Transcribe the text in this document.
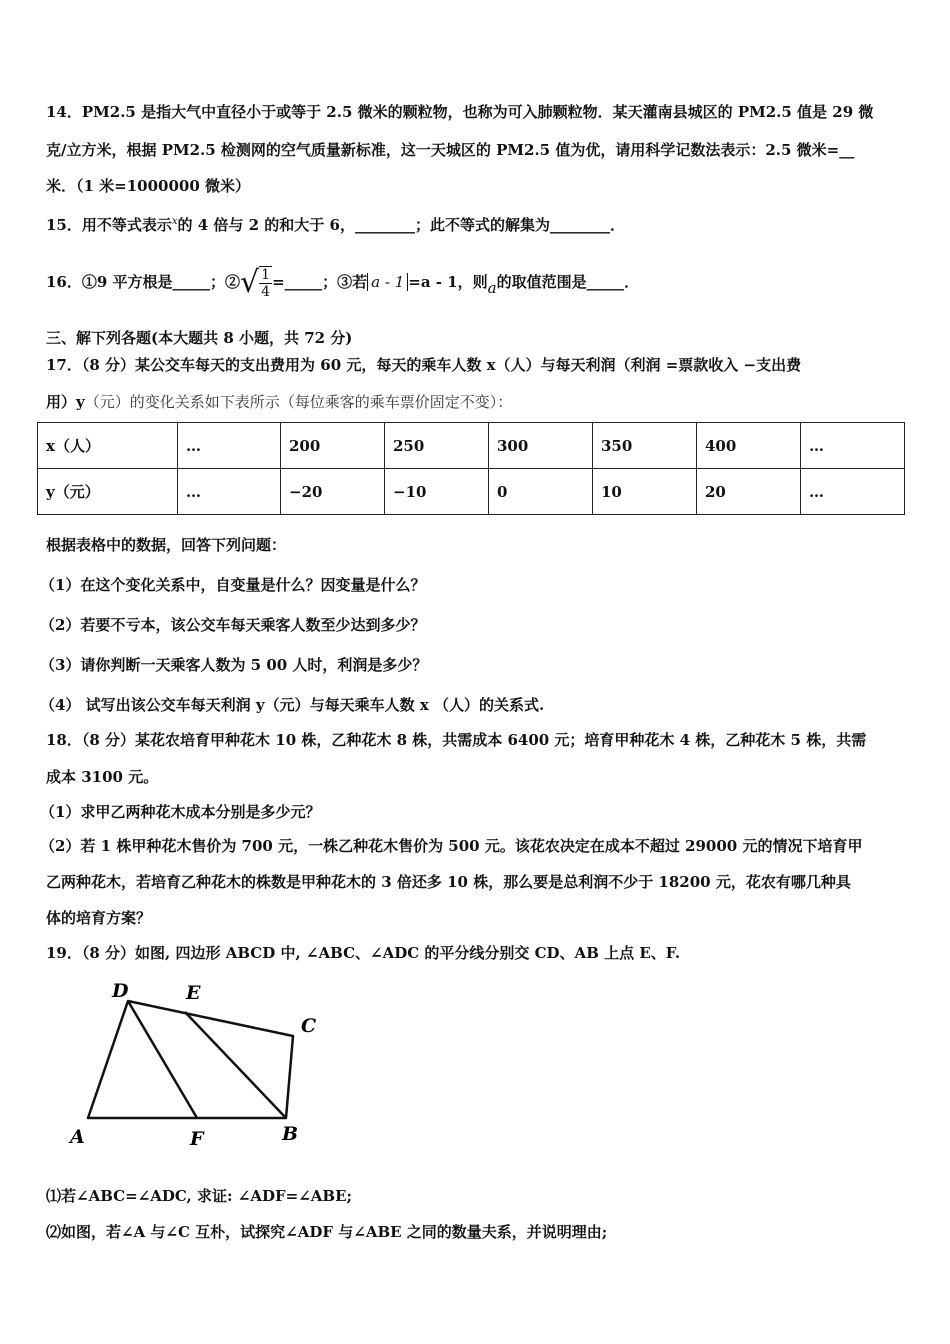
14．PM2.5 是指大气中直径小于或等于 2.5 微米的颗粒物，也称为可入肺颗粒物．某天灌南县城区的 PM2.5 值是 29 微
克/立方米，根据 PM2.5 检测网的空气质量新标准，这一天城区的 PM2.5 值为优，请用科学记数法表示：2.5 微米=__
米．（1 米=1000000 微米）
15．用不等式表示$^x$的 4 倍与 2 的和大于 6，________；此不等式的解集为________．
16．①9 平方根是_____；②√ $\frac{1}{4}$ =_____；③若 a - 1 =a - 1，则a的取值范围是_____．
三、解下列各题(本大题共 8 小题，共 72 分)
17．（8 分）某公交车每天的支出费用为 60 元，每天的乘车人数 x（人）与每天利润（利润 =票款收入 −支出费
用）y（元）的变化关系如下表所示（每位乘客的乘车票价固定不变）：
x（人）	…	200	250	300	350	400	…
y（元）	…	−20	−10	0	10	20	…
根据表格中的数据，回答下列问题：
（1）在这个变化关系中，自变量是什么？因变量是什么？
（2）若要不亏本，该公交车每天乘客人数至少达到多少？
（3）请你判断一天乘客人数为 5 00 人时，利润是多少？
（4） 试写出该公交车每天利润 y（元）与每天乘车人数 x （人）的关系式.
18．（8 分）某花农培育甲种花木 10 株，乙种花木 8 株，共需成本 6400 元；培育甲种花木 4 株，乙种花木 5 株，共需
成本 3100 元。
（1）求甲乙两种花木成本分别是多少元？
（2）若 1 株甲种花木售价为 700 元，一株乙种花木售价为 500 元。该花农决定在成本不超过 29000 元的情况下培育甲
乙两种花木，若培育乙种花木的株数是甲种花木的 3 倍还多 10 株，那么要是总利润不少于 18200 元，花农有哪几种具
体的培育方案？
19．（8 分）如图, 四边形 ABCD 中, ∠ABC、∠ADC 的平分线分别交 CD、AB 上点 E、F.
D	E
C
A	F	B
⑴若∠ABC=∠ADC, 求证: ∠ADF=∠ABE;
⑵如图，若∠A 与∠C 互朴，试探究∠ADF 与∠ABE 之同的数量夫系，并说明理由;
